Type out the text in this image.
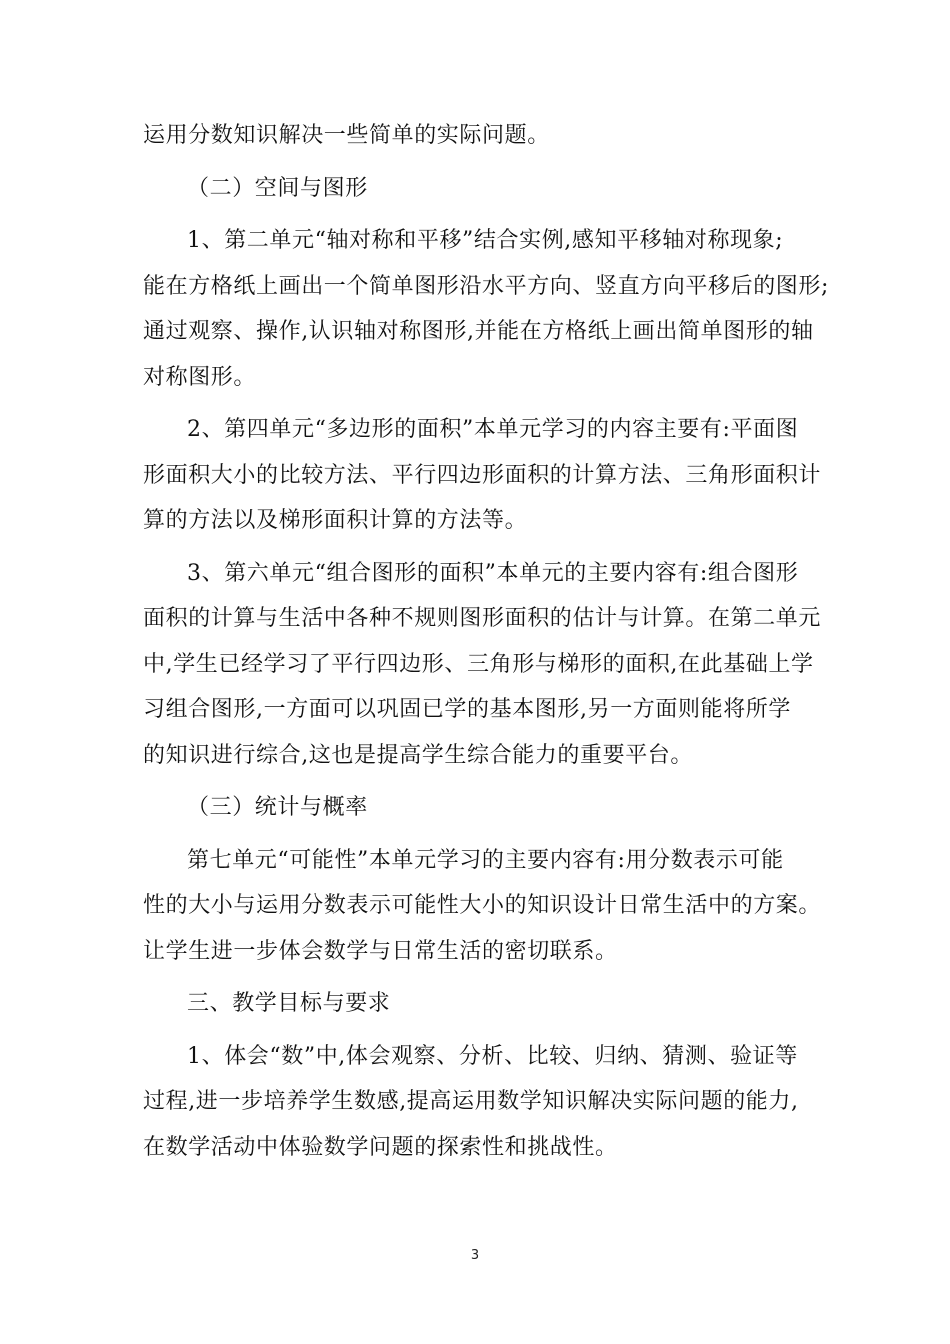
运用分数知识解决一些简单的实际问题。

（二）空间与图形

1、第二单元“轴对称和平移”结合实例,感知平移轴对称现象;
能在方格纸上画出一个简单图形沿水平方向、竖直方向平移后的图形;
通过观察、操作,认识轴对称图形,并能在方格纸上画出简单图形的轴
对称图形。

2、第四单元“多边形的面积”本单元学习的内容主要有:平面图
形面积大小的比较方法、平行四边形面积的计算方法、三角形面积计
算的方法以及梯形面积计算的方法等。

3、第六单元“组合图形的面积”本单元的主要内容有:组合图形
面积的计算与生活中各种不规则图形面积的估计与计算。在第二单元
中,学生已经学习了平行四边形、三角形与梯形的面积,在此基础上学
习组合图形,一方面可以巩固已学的基本图形,另一方面则能将所学
的知识进行综合,这也是提高学生综合能力的重要平台。

（三）统计与概率

第七单元“可能性”本单元学习的主要内容有:用分数表示可能
性的大小与运用分数表示可能性大小的知识设计日常生活中的方案。
让学生进一步体会数学与日常生活的密切联系。

三、教学目标与要求

1、体会“数”中,体会观察、分析、比较、归纳、猜测、验证等
过程,进一步培养学生数感,提高运用数学知识解决实际问题的能力,
在数学活动中体验数学问题的探索性和挑战性。

3
